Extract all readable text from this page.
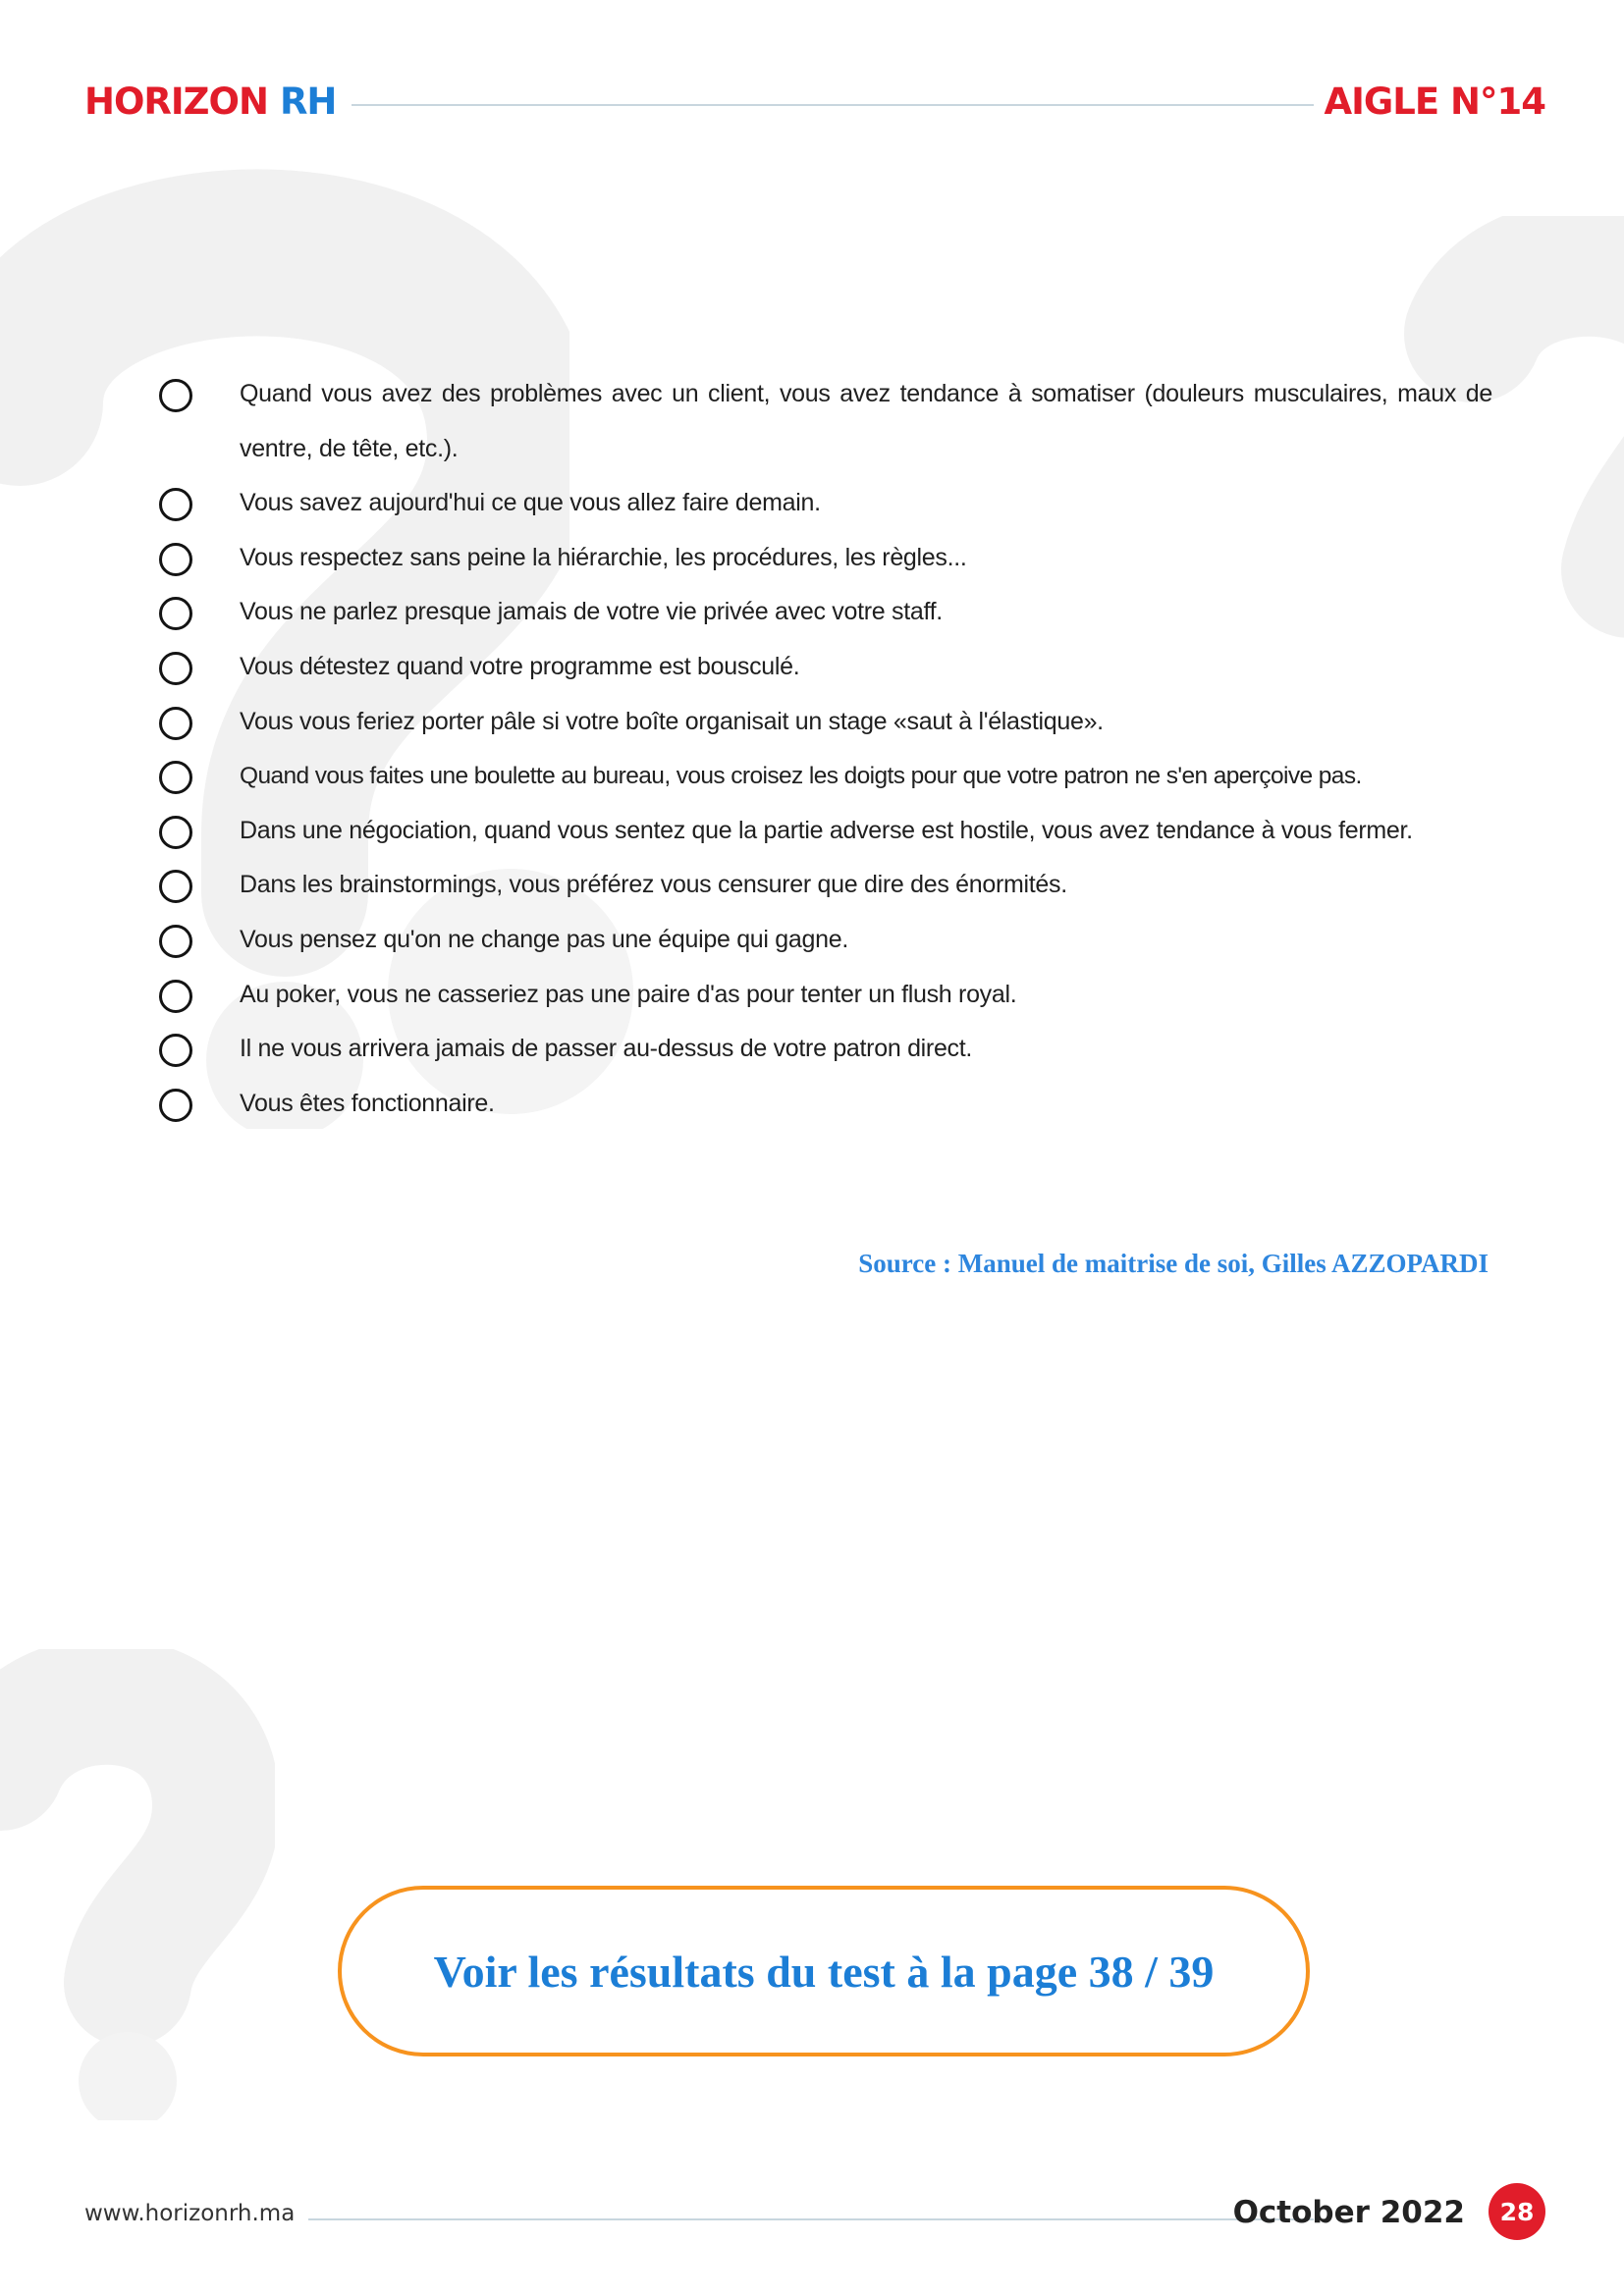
HORIZON RH	AIGLE N°14
Quand vous avez des problèmes avec un client, vous avez tendance à somatiser (douleurs musculaires, maux de ventre, de tête, etc.).
Vous savez aujourd'hui ce que vous allez faire demain.
Vous respectez sans peine la hiérarchie, les procédures, les règles...
Vous ne parlez presque jamais de votre vie privée avec votre staff.
Vous détestez quand votre programme est bousculé.
Vous vous feriez porter pâle si votre boîte organisait un stage «saut à l'élastique».
Quand vous faites une boulette au bureau, vous croisez les doigts pour que votre patron ne s'en aperçoive pas.
Dans une négociation, quand vous sentez que la partie adverse est hostile, vous avez tendance à vous fermer.
Dans les brainstormings, vous préférez vous censurer que dire des énormités.
Vous pensez qu'on ne change pas une équipe qui gagne.
Au poker, vous ne casseriez pas une paire d'as pour tenter un flush royal.
Il ne vous arrivera jamais de passer au-dessus de votre patron direct.
Vous êtes fonctionnaire.
Source : Manuel de maitrise de soi, Gilles AZZOPARDI
Voir les résultats du test à la page 38 / 39
www.horizonrh.ma	October 2022	28
